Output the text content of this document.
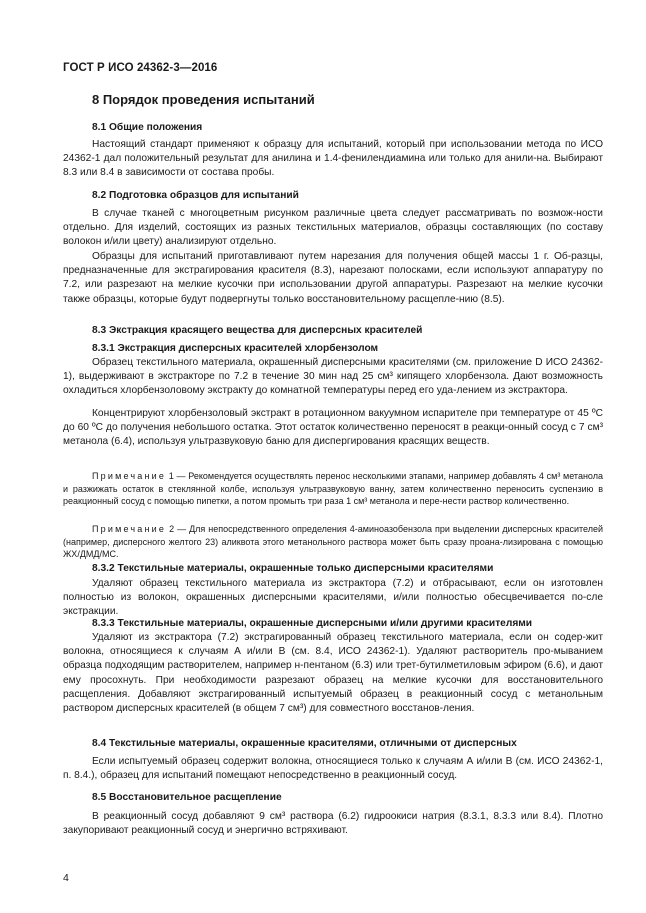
ГОСТ Р ИСО 24362-3—2016
8 Порядок проведения испытаний
8.1 Общие положения

Настоящий стандарт применяют к образцу для испытаний, который при использовании метода по ИСО 24362-1 дал положительный результат для анилина и 1.4-фенилендиамина или только для анили-на. Выбирают 8.3 или 8.4 в зависимости от состава пробы.

8.2 Подготовка образцов для испытаний

В случае тканей с многоцветным рисунком различные цвета следует рассматривать по возмож-ности отдельно. Для изделий, состоящих из разных текстильных материалов, образцы составляющих (по составу волокон и/или цвету) анализируют отдельно.

Образцы для испытаний приготавливают путем нарезания для получения общей массы 1 г. Об-разцы, предназначенные для экстрагирования красителя (8.3), нарезают полосками, если используют аппаратуру по 7.2, или разрезают на мелкие кусочки при использовании другой аппаратуры. Разрезают на мелкие кусочки также образцы, которые будут подвергнуты только восстановительному расщепле-нию (8.5).

8.3 Экстракция красящего вещества для дисперсных красителей
8.3.1 Экстракция дисперсных красителей хлорбензолом

Образец текстильного материала, окрашенный дисперсными красителями (см. приложение D ИСО 24362-1), выдерживают в экстракторе по 7.2 в течение 30 мин над 25 см³ кипящего хлорбензола. Дают возможность охладиться хлорбензоловому экстракту до комнатной температуры перед его уда-лением из экстрактора.

Концентрируют хлорбензоловый экстракт в ротационном вакуумном испарителе при температуре от 45 ºС до 60 ºС до получения небольшого остатка. Этот остаток количественно переносят в реакци-онный сосуд с 7 см³ метанола (6.4), используя ультразвуковую баню для диспергирования красящих веществ.

Примечание 1 — Рекомендуется осуществлять перенос несколькими этапами, например добавлять 4 см³ метанола и разжижать остаток в стеклянной колбе, используя ультразвуковую ванну, затем количественно переносить суспензию в реакционный сосуд с помощью пипетки, а потом промыть три раза 1 см³ метанола и пере-нести раствор количественно.

Примечание 2 — Для непосредственного определения 4-аминоазобензола при выделении дисперсных красителей (например, дисперсного желтого 23) аликвота этого метанольного раствора может быть сразу проана-лизирована с помощью ЖХ/ДМД/МС.

8.3.2 Текстильные материалы, окрашенные только дисперсными красителями

Удаляют образец текстильного материала из экстрактора (7.2) и отбрасывают, если он изготовлен полностью из волокон, окрашенных дисперсными красителями, и/или полностью обесцвечивается по-сле экстракции.

8.3.3 Текстильные материалы, окрашенные дисперсными и/или другими красителями

Удаляют из экстрактора (7.2) экстрагированный образец текстильного материала, если он содер-жит волокна, относящиеся к случаям А и/или В (см. 8.4, ИСО 24362-1). Удаляют растворитель про-мыванием образца подходящим растворителем, например н-пентаном (6.3) или трет-бутилметиловым эфиром (6.6), и дают ему просохнуть. При необходимости разрезают образец на мелкие кусочки для восстановительного расщепления. Добавляют экстрагированный испытуемый образец в реакционный сосуд с метанольным раствором дисперсных красителей (в общем 7 см³) для совместного восстанов-ления.

8.4 Текстильные материалы, окрашенные красителями, отличными от дисперсных

Если испытуемый образец содержит волокна, относящиеся только к случаям А и/или В (см. ИСО 24362-1, п. 8.4.), образец для испытаний помещают непосредственно в реакционный сосуд.

8.5 Восстановительное расщепление

В реакционный сосуд добавляют 9 см³ раствора (6.2) гидроокиси натрия (8.3.1, 8.3.3 или 8.4). Плотно закупоривают реакционный сосуд и энергично встряхивают.

4
